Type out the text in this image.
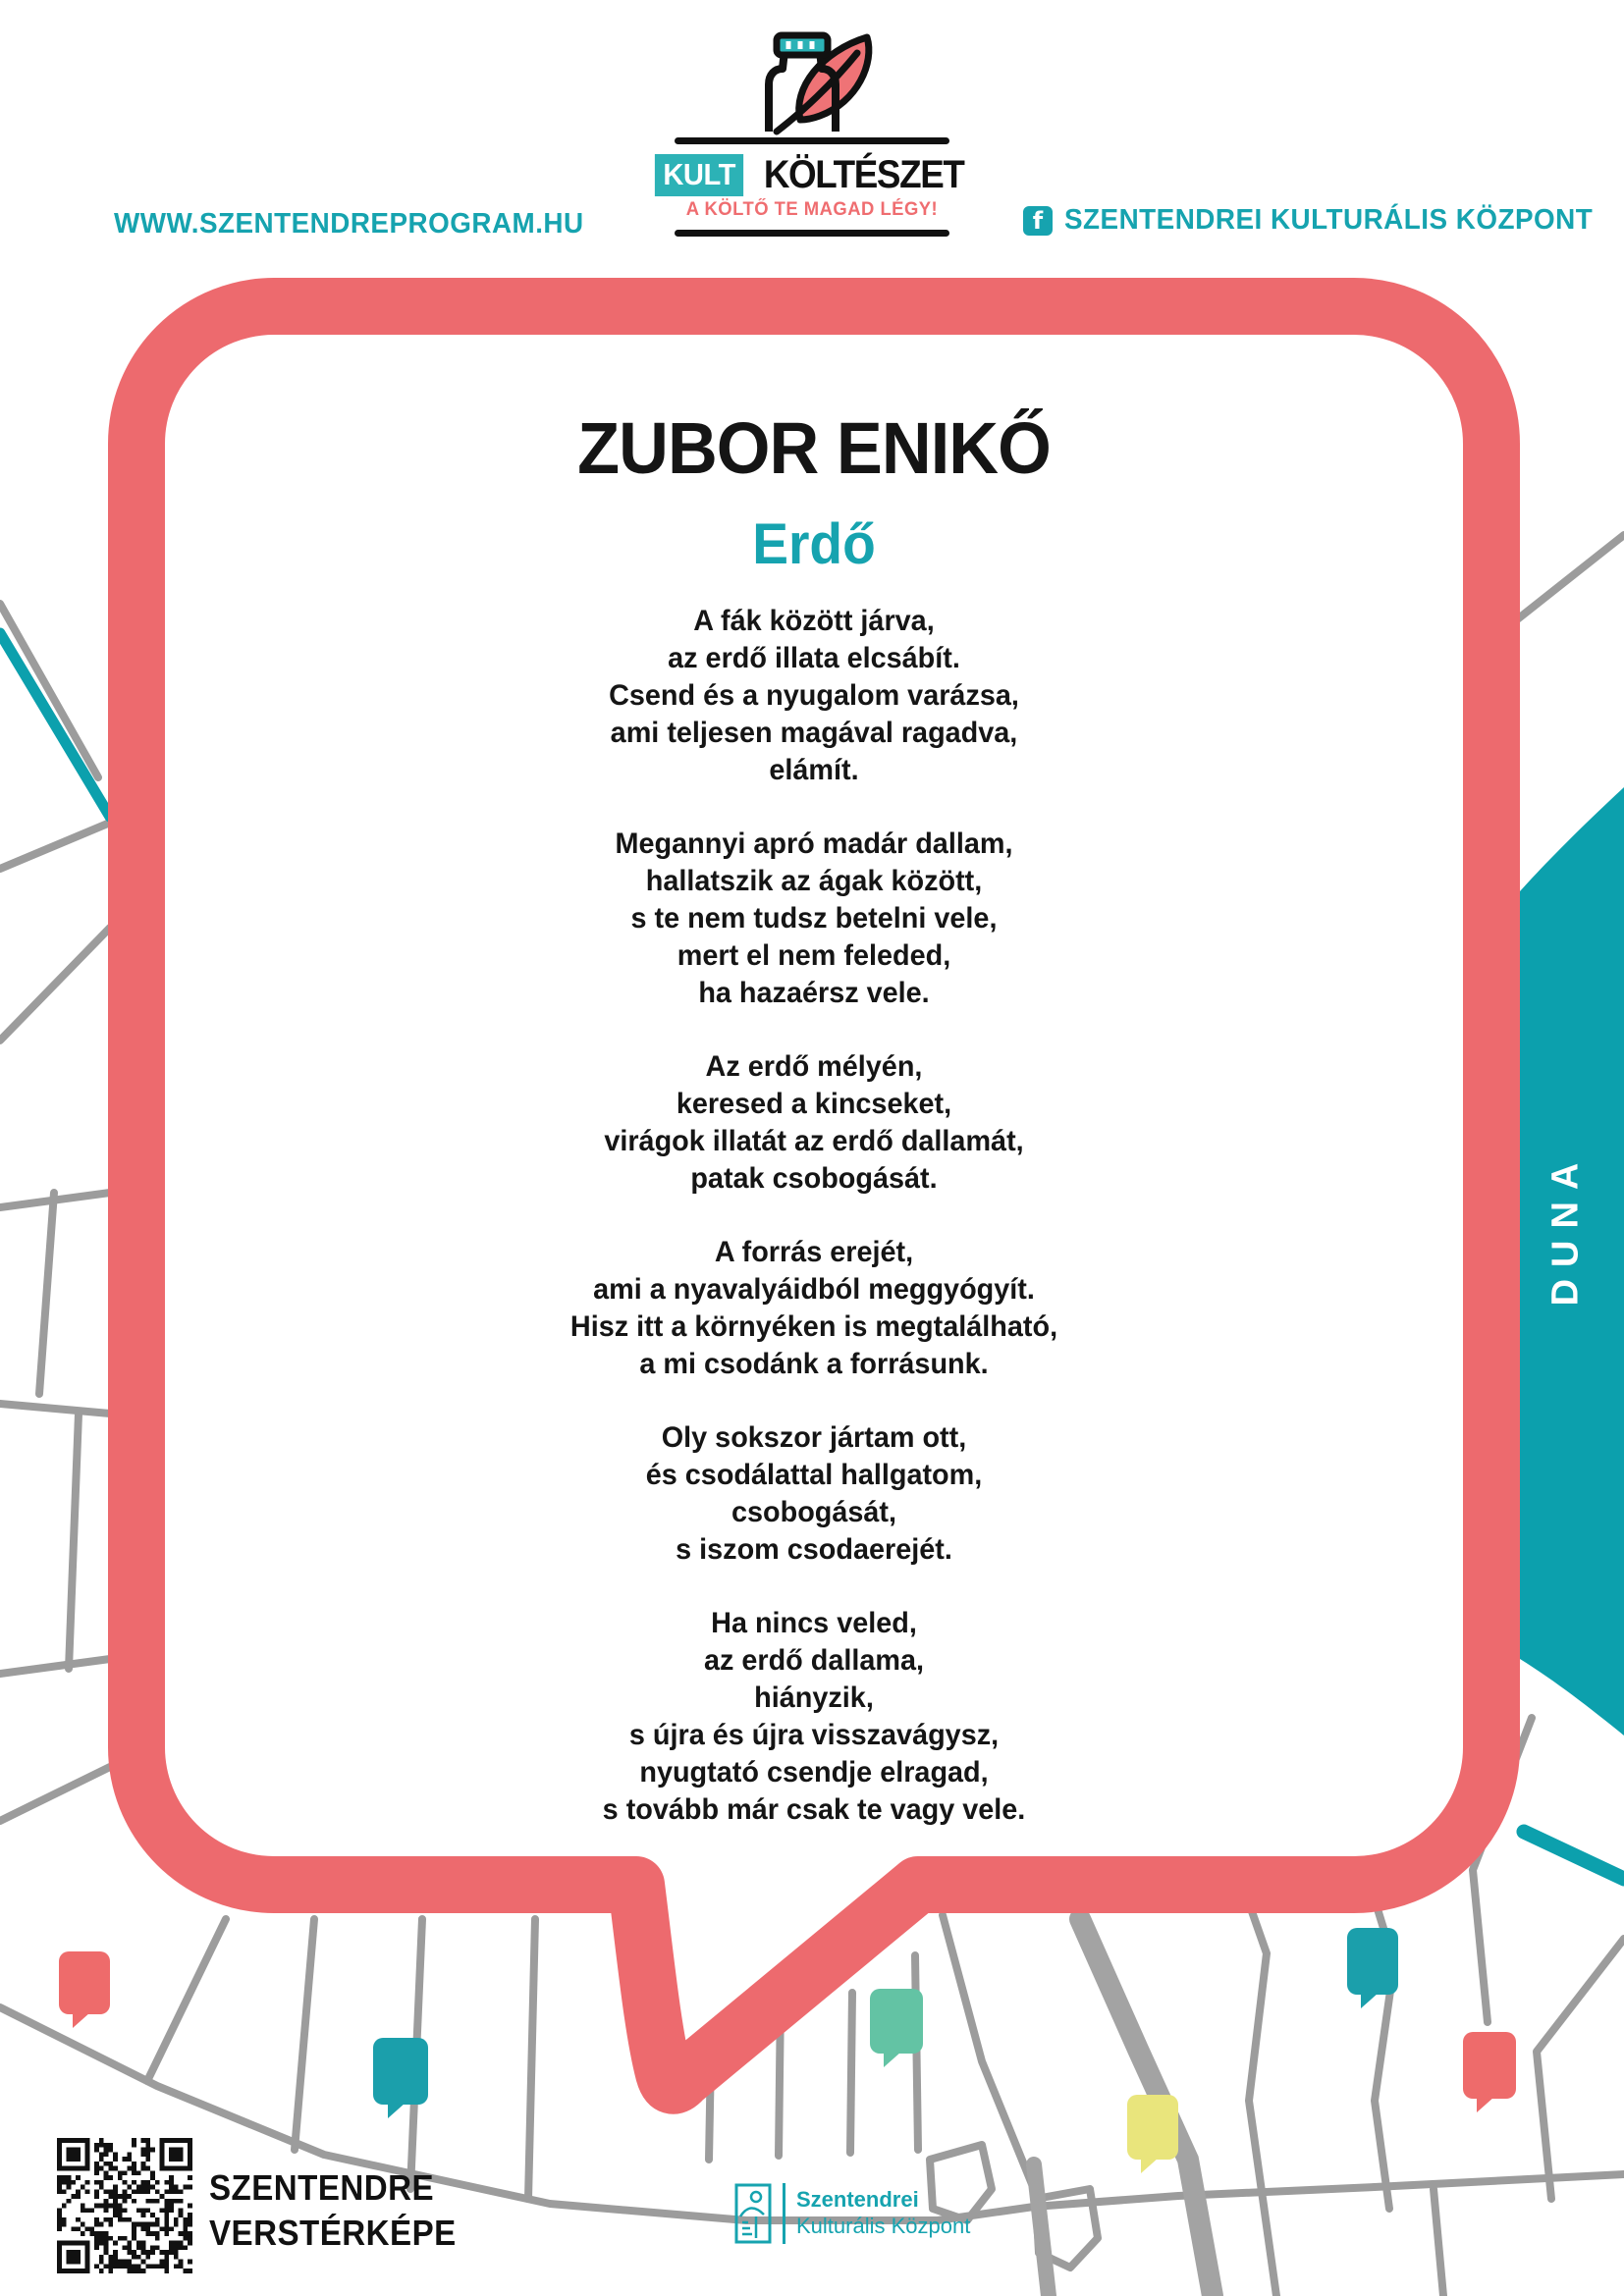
WWW.SZENTENDREPROGRAM.HU	f SZENTENDREI KULTURÁLIS KÖZPONT
KULT KÖLTÉSZET
A KÖLTŐ TE MAGAD LÉGY!
ZUBOR ENIKŐ
Erdő
A fák között járva,
az erdő illata elcsábít.
Csend és a nyugalom varázsa,
ami teljesen magával ragadva,
elámít.
Megannyi apró madár dallam,
hallatszik az ágak között,
s te nem tudsz betelni vele,
mert el nem feleded,
ha hazaérsz vele.
Az erdő mélyén,
keresed a kincseket,
virágok illatát az erdő dallamát,
patak csobogását.
A forrás erejét,
ami a nyavalyáidból meggyógyít.
Hisz itt a környéken is megtalálható,
a mi csodánk a forrásunk.
Oly sokszor jártam ott,
és csodálattal hallgatom,
csobogását,
s iszom csodaerejét.
Ha nincs veled,
az erdő dallama,
hiányzik,
s újra és újra visszavágysz,
nyugtató csendje elragad,
s tovább már csak te vagy vele.
DUNA
SZENTENDRE
VERSTÉRKÉPE
Szentendrei
Kulturális Központ
